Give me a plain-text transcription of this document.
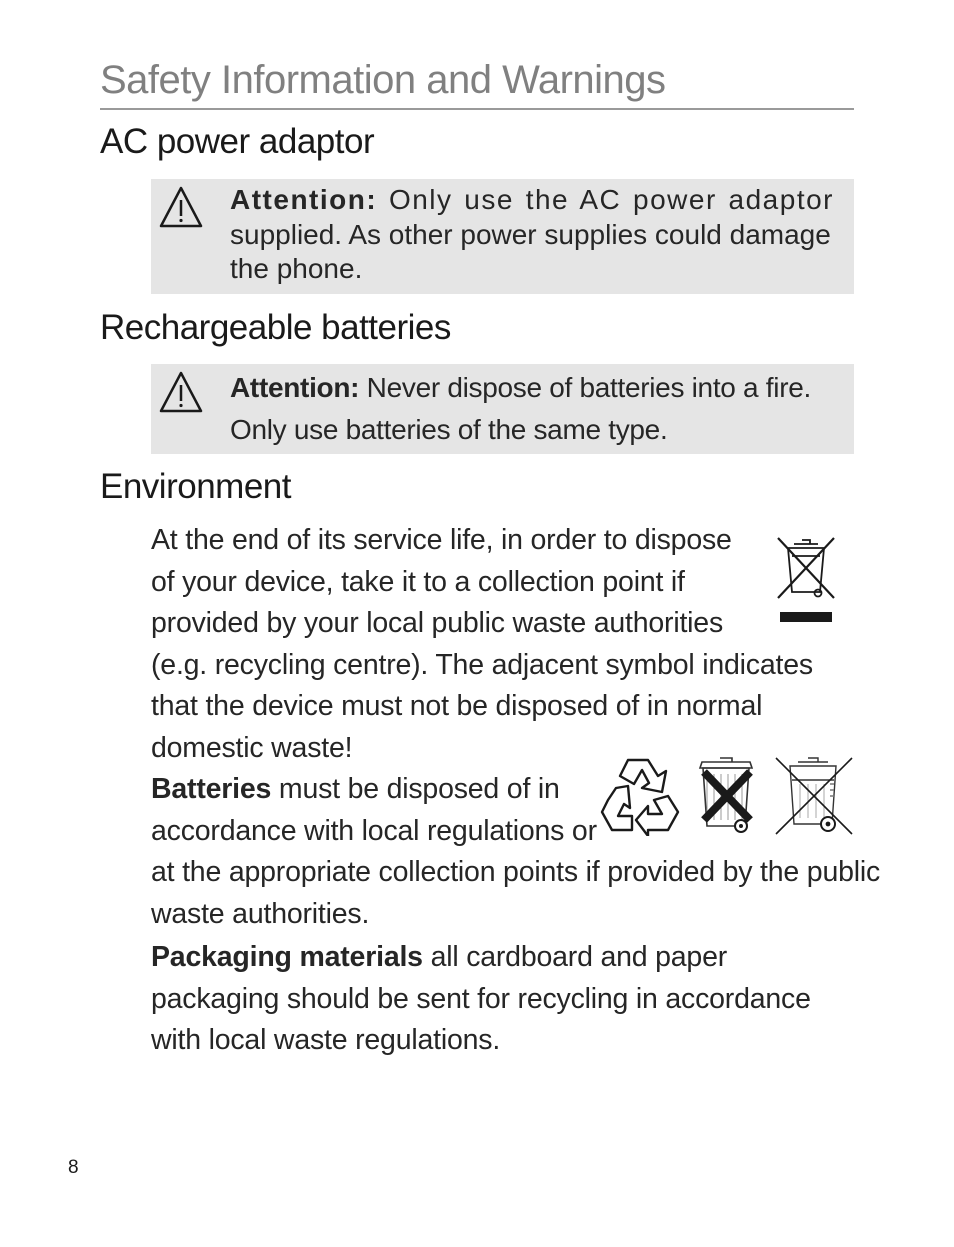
Safety Information and Warnings
AC power adaptor
Attention: Only use the AC power adaptor
supplied. As other power supplies could damage
the phone.
Rechargeable batteries
Attention: Never dispose of batteries into a fire.
Only use batteries of the same type.
Environment
At the end of its service life, in order to dispose
of your device, take it to a collection point if
provided by your local public waste authorities
(e.g. recycling centre). The adjacent symbol indicates
that the device must not be disposed of in normal
domestic waste!
Batteries must be disposed of in
accordance with local regulations or
at the appropriate collection points if provided by the public
waste authorities.
Packaging materials all cardboard and paper
packaging should be sent for recycling in accordance
with local waste regulations.
8
